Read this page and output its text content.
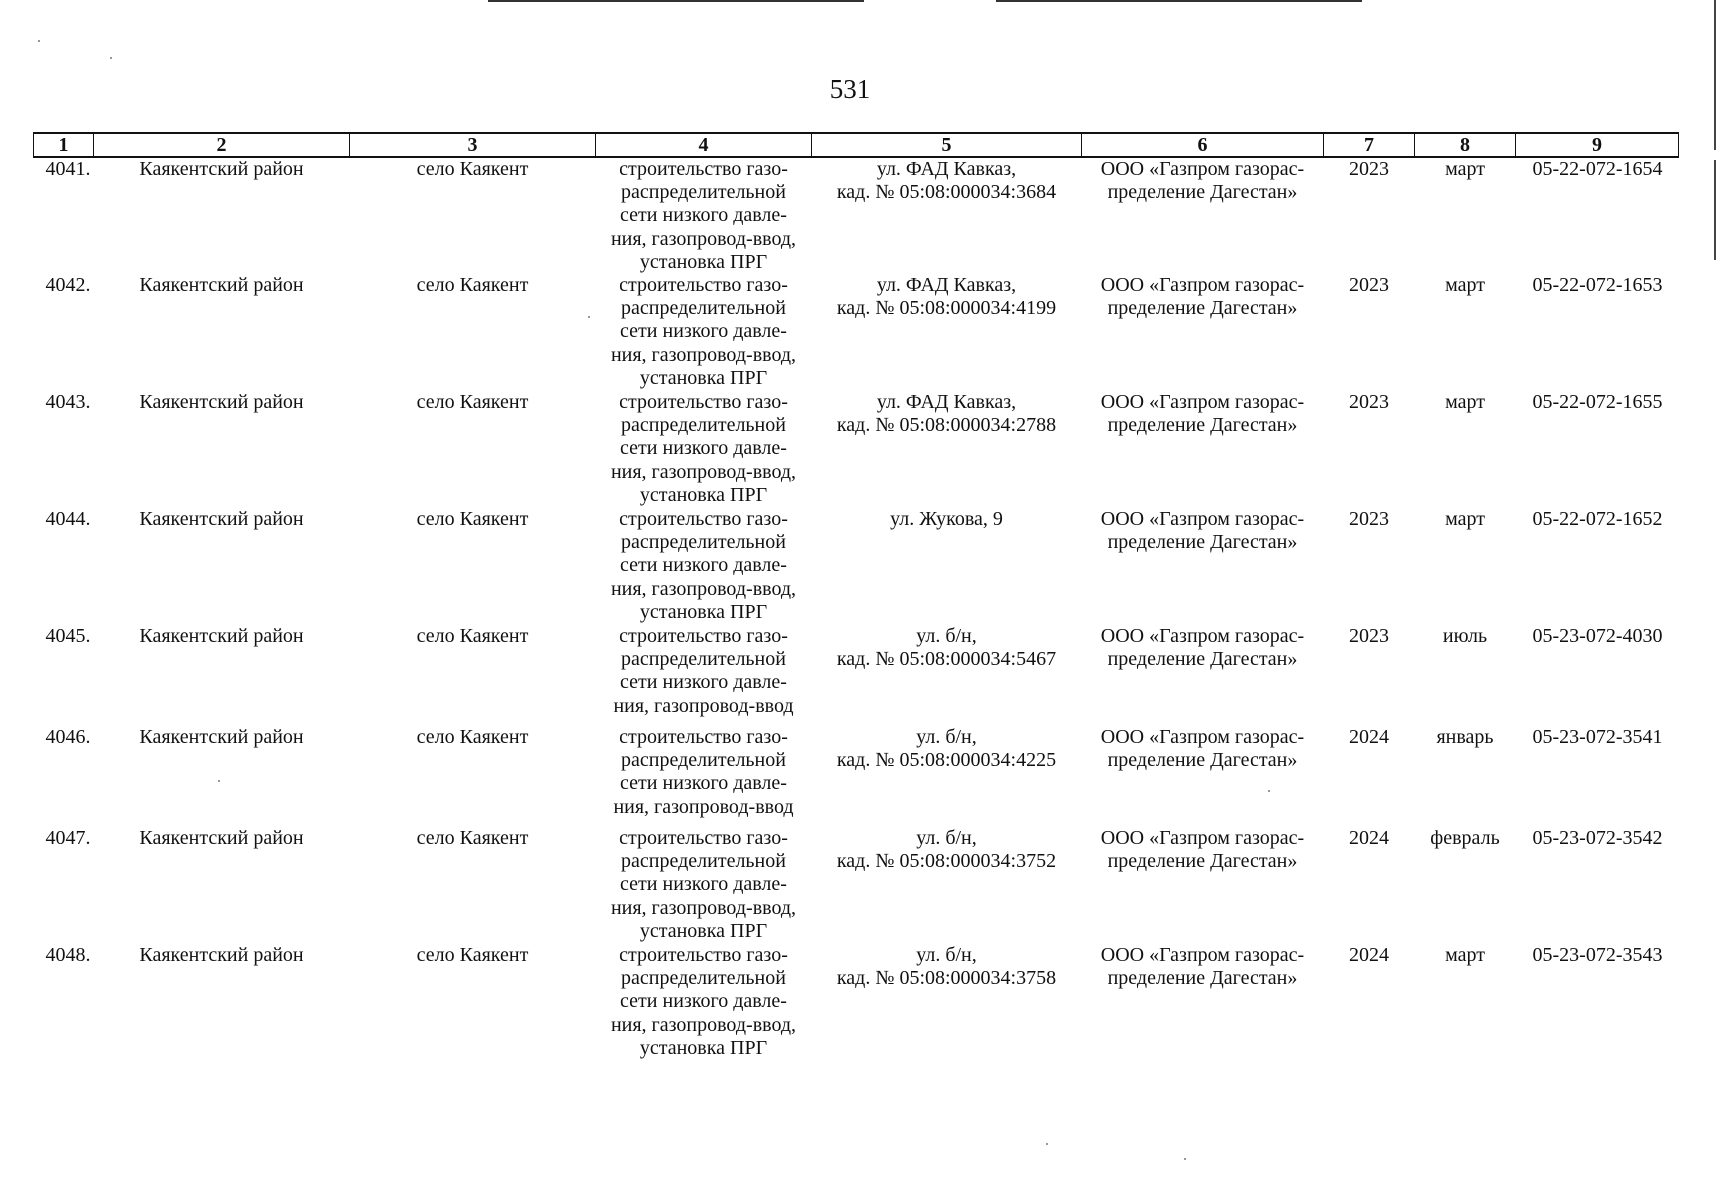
531
1	2	3	4	5	6	7	8	9
4041.	Каякентский район	село Каякент	строительство газо-
распределительной
сети низкого давле-
ния, газопровод-ввод,
установка ПРГ	ул. ФАД Кавказ,
кад. № 05:08:000034:3684	ООО «Газпром газорас-
пределение Дагестан»	2023	март	05-22-072-1654
4042.	Каякентский район	село Каякент	строительство газо-
распределительной
сети низкого давле-
ния, газопровод-ввод,
установка ПРГ	ул. ФАД Кавказ,
кад. № 05:08:000034:4199	ООО «Газпром газорас-
пределение Дагестан»	2023	март	05-22-072-1653
4043.	Каякентский район	село Каякент	строительство газо-
распределительной
сети низкого давле-
ния, газопровод-ввод,
установка ПРГ	ул. ФАД Кавказ,
кад. № 05:08:000034:2788	ООО «Газпром газорас-
пределение Дагестан»	2023	март	05-22-072-1655
4044.	Каякентский район	село Каякент	строительство газо-
распределительной
сети низкого давле-
ния, газопровод-ввод,
установка ПРГ	ул. Жукова, 9	ООО «Газпром газорас-
пределение Дагестан»	2023	март	05-22-072-1652
4045.	Каякентский район	село Каякент	строительство газо-
распределительной
сети низкого давле-
ния, газопровод-ввод	ул. б/н,
кад. № 05:08:000034:5467	ООО «Газпром газорас-
пределение Дагестан»	2023	июль	05-23-072-4030
4046.	Каякентский район	село Каякент	строительство газо-
распределительной
сети низкого давле-
ния, газопровод-ввод	ул. б/н,
кад. № 05:08:000034:4225	ООО «Газпром газорас-
пределение Дагестан»	2024	январь	05-23-072-3541
4047.	Каякентский район	село Каякент	строительство газо-
распределительной
сети низкого давле-
ния, газопровод-ввод,
установка ПРГ	ул. б/н,
кад. № 05:08:000034:3752	ООО «Газпром газорас-
пределение Дагестан»	2024	февраль	05-23-072-3542
4048.	Каякентский район	село Каякент	строительство газо-
распределительной
сети низкого давле-
ния, газопровод-ввод,
установка ПРГ	ул. б/н,
кад. № 05:08:000034:3758	ООО «Газпром газорас-
пределение Дагестан»	2024	март	05-23-072-3543
